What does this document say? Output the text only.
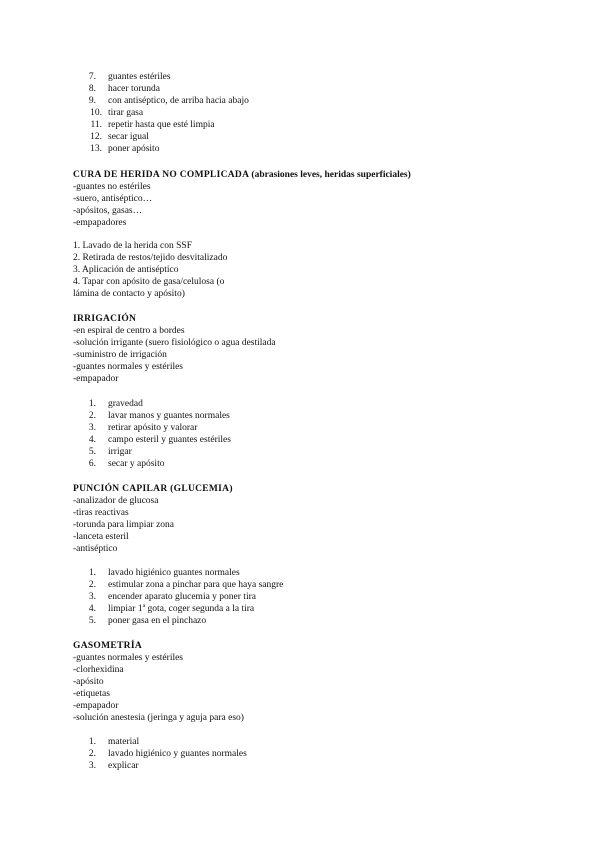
7. guantes estériles
8. hacer torunda
9. con antiséptico, de arriba hacia abajo
10. tirar gasa
11. repetir hasta que esté limpia
12. secar igual
13. poner apósito
CURA DE HERIDA NO COMPLICADA (abrasiones leves, heridas superficiales)
-guantes no estériles
-suero, antiséptico…
-apósitos, gasas…
-empapadores
1. Lavado de la herida con SSF
2. Retirada de restos/tejido desvitalizado
3. Aplicación de antiséptico
4. Tapar con apósito de gasa/celulosa (o
lámina de contacto y apósito)
IRRIGACIÓN
-en espiral de centro a bordes
-solución irrigante (suero fisiológico o agua destilada
-suministro de irrigación
-guantes normales y estériles
-empapador
1. gravedad
2. lavar manos y guantes normales
3. retirar apósito y valorar
4. campo esteril y guantes estériles
5. irrigar
6. secar y apósito
PUNCIÓN CAPILAR (GLUCEMIA)
-analizador de glucosa
-tiras reactivas
-torunda para limpiar zona
-lanceta esteril
-antiséptico
1. lavado higiénico guantes normales
2. estimular zona a pinchar para que haya sangre
3. encender aparato glucemia y poner tira
4. limpiar 1ª gota, coger segunda a la tira
5. poner gasa en el pinchazo
GASOMETRÍA
-guantes normales y estériles
-clorhexidina
-apósito
-etiquetas
-empapador
-solución anestesia (jeringa y aguja para eso)
1. material
2. lavado higiénico y guantes normales
3. explicar
